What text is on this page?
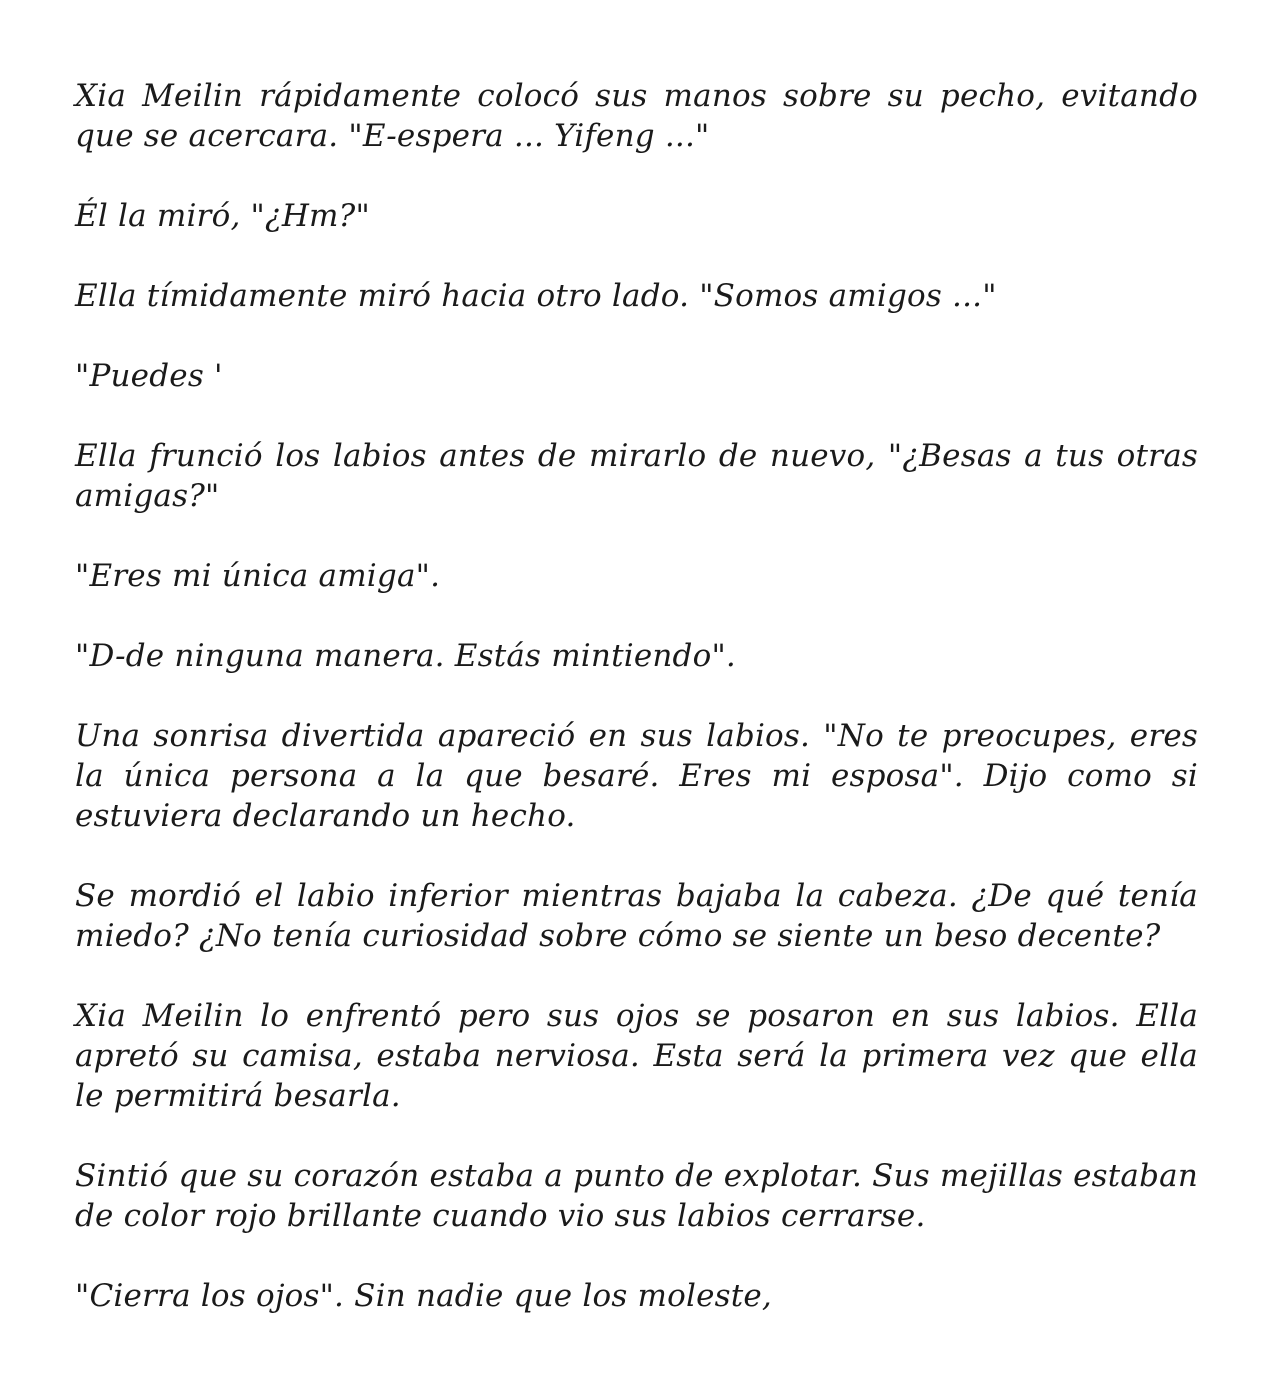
Xia Meilin rápidamente colocó sus manos sobre su pecho, evitando que se acercara. "E-espera ... Yifeng ..."

Él la miró, "¿Hm?"

Ella tímidamente miró hacia otro lado. "Somos amigos ..."

"Puedes '

Ella frunció los labios antes de mirarlo de nuevo, "¿Besas a tus otras amigas?"

"Eres mi única amiga".

"D-de ninguna manera. Estás mintiendo".

Una sonrisa divertida apareció en sus labios. "No te preocupes, eres la única persona a la que besaré. Eres mi esposa". Dijo como si estuviera declarando un hecho.

Se mordió el labio inferior mientras bajaba la cabeza. ¿De qué tenía miedo? ¿No tenía curiosidad sobre cómo se siente un beso decente?

Xia Meilin lo enfrentó pero sus ojos se posaron en sus labios. Ella apretó su camisa, estaba nerviosa. Esta será la primera vez que ella le permitirá besarla.

Sintió que su corazón estaba a punto de explotar. Sus mejillas estaban de color rojo brillante cuando vio sus labios cerrarse.

"Cierra los ojos". Sin nadie que los moleste,
